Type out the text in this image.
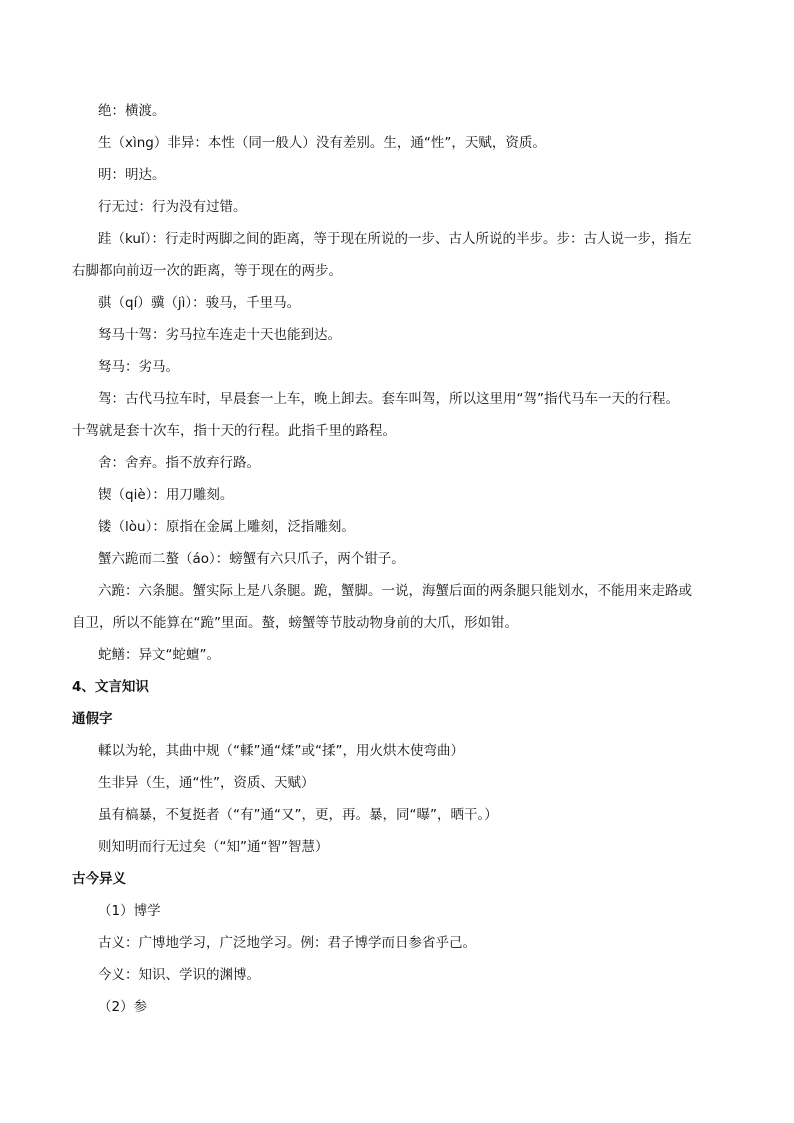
绝：横渡。
生（xìng）非异：本性（同一般人）没有差别。生，通“性”，天赋，资质。
明：明达。
行无过：行为没有过错。
跬（kuǐ）：行走时两脚之间的距离，等于现在所说的一步、古人所说的半步。步：古人说一步，指左
右脚都向前迈一次的距离，等于现在的两步。
骐（qí）骥（jì）：骏马，千里马。
驽马十驾：劣马拉车连走十天也能到达。
驽马：劣马。
驾：古代马拉车时，早晨套一上车，晚上卸去。套车叫驾，所以这里用“驾”指代马车一天的行程。
十驾就是套十次车，指十天的行程。此指千里的路程。
舍：舍弃。指不放弃行路。
锲（qiè）：用刀雕刻。
镂（lòu）：原指在金属上雕刻，泛指雕刻。
蟹六跪而二螯（áo）：螃蟹有六只爪子，两个钳子。
六跪：六条腿。蟹实际上是八条腿。跪，蟹脚。一说，海蟹后面的两条腿只能划水，不能用来走路或
自卫，所以不能算在“跪”里面。螯，螃蟹等节肢动物身前的大爪，形如钳。
蛇鳝：异文“蛇蟺”。
4、文言知识
通假字
輮以为轮，其曲中规（“輮”通“煣”或“揉”，用火烘木使弯曲）
生非异（生，通“性”，资质、天赋）
虽有槁暴，不复挺者（“有”通“又”，更，再。暴，同“曝”，晒干。）
则知明而行无过矣（“知”通“智”智慧）
古今异义
（1）博学
古义：广博地学习，广泛地学习。例：君子博学而日参省乎己。
今义：知识、学识的渊博。
（2）参
